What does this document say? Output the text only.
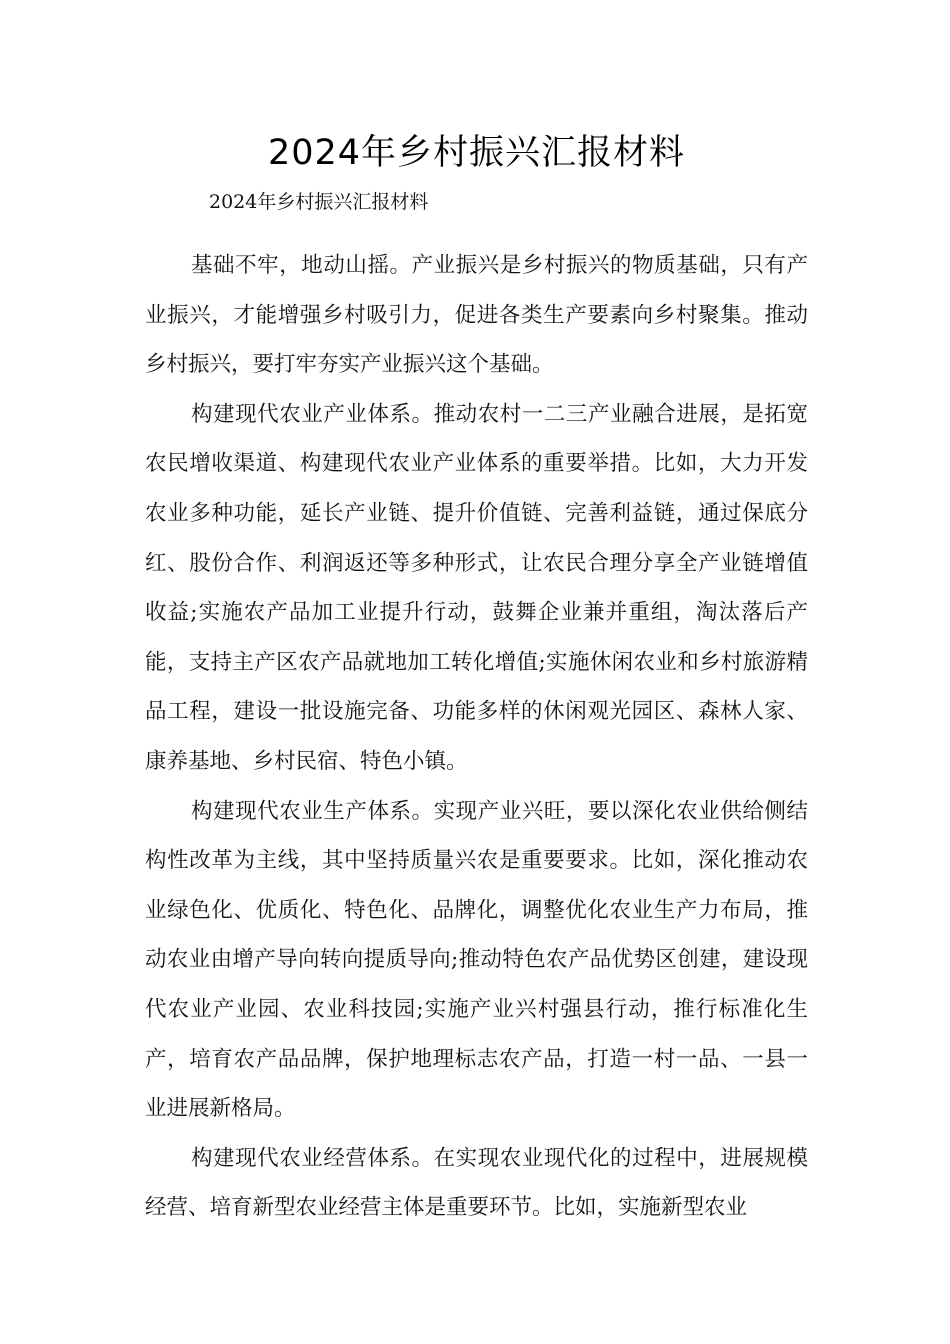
2024年乡村振兴汇报材料

2024年乡村振兴汇报材料

基础不牢，地动山摇。产业振兴是乡村振兴的物质基础，只有产业振兴，才能增强乡村吸引力，促进各类生产要素向乡村聚集。推动乡村振兴，要打牢夯实产业振兴这个基础。

构建现代农业产业体系。推动农村一二三产业融合进展，是拓宽农民增收渠道、构建现代农业产业体系的重要举措。比如，大力开发农业多种功能，延长产业链、提升价值链、完善利益链，通过保底分红、股份合作、利润返还等多种形式，让农民合理分享全产业链增值收益;实施农产品加工业提升行动，鼓舞企业兼并重组，淘汰落后产能，支持主产区农产品就地加工转化增值;实施休闲农业和乡村旅游精品工程，建设一批设施完备、功能多样的休闲观光园区、森林人家、康养基地、乡村民宿、特色小镇。

构建现代农业生产体系。实现产业兴旺，要以深化农业供给侧结构性改革为主线，其中坚持质量兴农是重要要求。比如，深化推动农业绿色化、优质化、特色化、品牌化，调整优化农业生产力布局，推动农业由增产导向转向提质导向;推动特色农产品优势区创建，建设现代农业产业园、农业科技园;实施产业兴村强县行动，推行标准化生产，培育农产品品牌，保护地理标志农产品，打造一村一品、一县一业进展新格局。

构建现代农业经营体系。在实现农业现代化的过程中，进展规模经营、培育新型农业经营主体是重要环节。比如，实施新型农业
